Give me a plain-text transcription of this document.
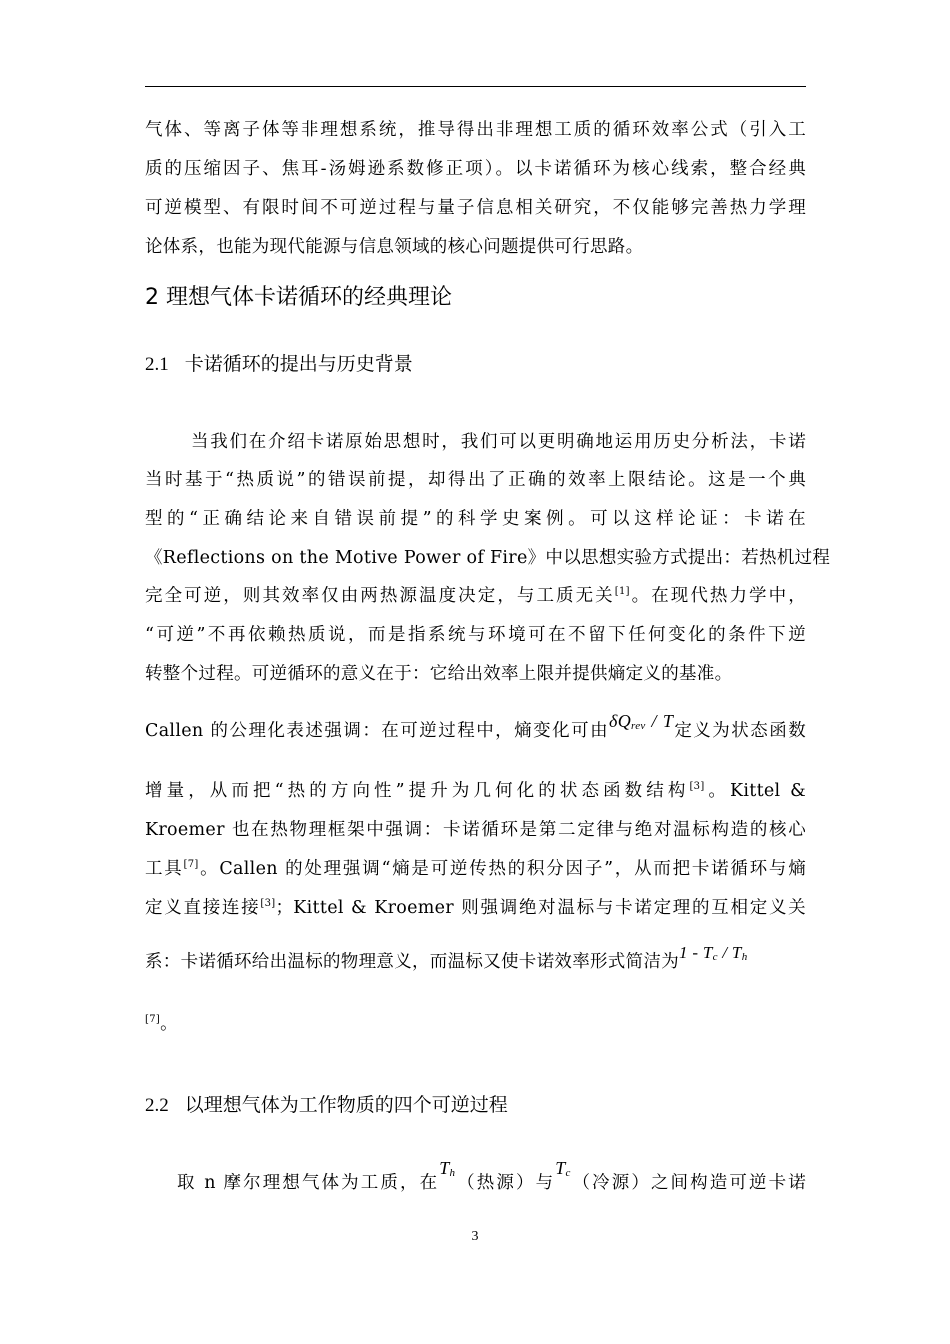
气体、等离子体等非理想系统，推导得出非理想工质的循环效率公式（引入工
质的压缩因子、焦耳-汤姆逊系数修正项）。以卡诺循环为核心线索，整合经典
可逆模型、有限时间不可逆过程与量子信息相关研究，不仅能够完善热力学理
论体系，也能为现代能源与信息领域的核心问题提供可行思路。
2 理想气体卡诺循环的经典理论
2.1 卡诺循环的提出与历史背景
当我们在介绍卡诺原始思想时，我们可以更明确地运用历史分析法，卡诺
当时基于“热质说”的错误前提，却得出了正确的效率上限结论。这是一个典
型的“正确结论来自错误前提”的科学史案例。可以这样论证：卡诺在
《Reflections on the Motive Power of Fire》中以思想实验方式提出：若热机过程
完全可逆，则其效率仅由两热源温度决定，与工质无关[1]。在现代热力学中，
“可逆”不再依赖热质说，而是指系统与环境可在不留下任何变化的条件下逆
转整个过程。可逆循环的意义在于：它给出效率上限并提供熵定义的基准。
Callen 的公理化表述强调：在可逆过程中，熵变化可由δQrev / T定义为状态函数
增量，从而把“热的方向性”提升为几何化的状态函数结构[3]。Kittel &
Kroemer 也在热物理框架中强调：卡诺循环是第二定律与绝对温标构造的核心
工具[7]。Callen 的处理强调“熵是可逆传热的积分因子”，从而把卡诺循环与熵
定义直接连接[3]；Kittel & Kroemer 则强调绝对温标与卡诺定理的互相定义关
系：卡诺循环给出温标的物理意义，而温标又使卡诺效率形式简洁为1 - Tc / Th
[7]。
2.2 以理想气体为工作物质的四个可逆过程
取 n 摩尔理想气体为工质，在Th（热源）与Tc（冷源）之间构造可逆卡诺
3
